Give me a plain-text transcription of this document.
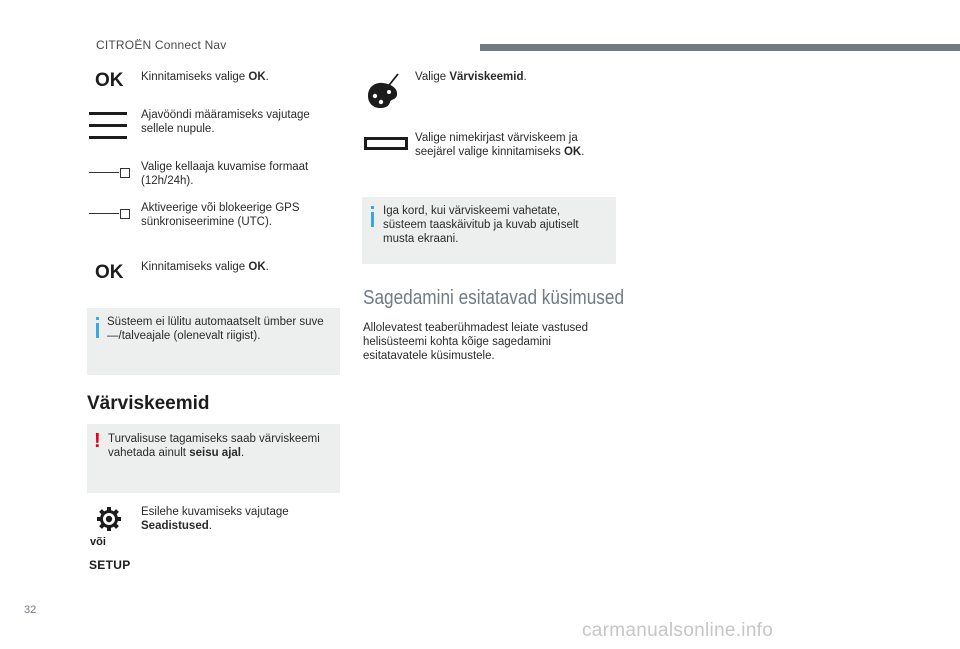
CITROËN Connect Nav
OK Kinnitamiseks valige OK.
Ajavööndi määramiseks vajutage sellele nupule.
Valige kellaaja kuvamise formaat (12h/24h).
Aktiveerige või blokeerige GPS sünkroniseerimine (UTC).
OK Kinnitamiseks valige OK.
Süsteem ei lülitu automaatselt ümber suve—/talveajale (olenevalt riigist).
Värviskeemid
! Turvalisuse tagamiseks saab värviskeemi vahetada ainult seisu ajal.
Esilehe kuvamiseks vajutage Seadistused.
või
SETUP
Valige Värviskeemid.
Valige nimekirjast värviskeem ja seejärel valige kinnitamiseks OK.
Iga kord, kui värviskeemi vahetate, süsteem taaskäivitub ja kuvab ajutiselt musta ekraani.
Sagedamini esitatavad küsimused
Allolevatest teaberühmadest leiate vastused helisüsteemi kohta kõige sagedamini esitatavatele küsimustele.
32
carmanualsonline.info
